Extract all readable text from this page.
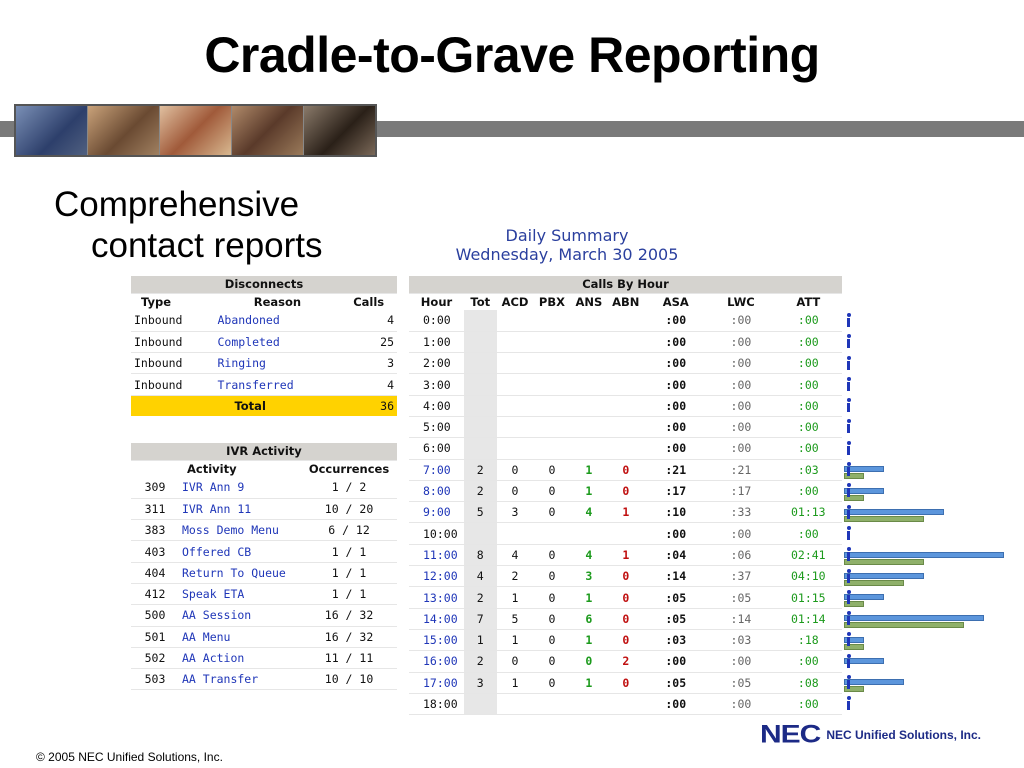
Cradle-to-Grave Reporting
Comprehensive
contact reports	Daily Summary
Wednesday, March 30 2005
Disconnects		
Type	Reason	Calls
Inbound	Abandoned	4
Inbound	Completed	25
Inbound	Ringing	3
Inbound	Transferred	4
	Total	36
IVR Activity		
	Activity	Occurrences
309	IVR Ann 9	1 / 2
311	IVR Ann 11	10 / 20
383	Moss Demo Menu	6 / 12
403	Offered CB	1 / 1
404	Return To Queue	1 / 1
412	Speak ETA	1 / 1
500	AA Session	16 / 32
501	AA Menu	16 / 32
502	AA Action	11 / 11
503	AA Transfer	10 / 10
Calls By Hour								
Hour	Tot	ACD	PBX	ANS	ABN	ASA	LWC	ATT
0:00						:00	:00	:00
1:00						:00	:00	:00
2:00						:00	:00	:00
3:00						:00	:00	:00
4:00						:00	:00	:00
5:00						:00	:00	:00
6:00						:00	:00	:00
7:00	2	0	0	1	0	:21	:21	:03
8:00	2	0	0	1	0	:17	:17	:00
9:00	5	3	0	4	1	:10	:33	01:13
10:00						:00	:00	:00
11:00	8	4	0	4	1	:04	:06	02:41
12:00	4	2	0	3	0	:14	:37	04:10
13:00	2	1	0	1	0	:05	:05	01:15
14:00	7	5	0	6	0	:05	:14	01:14
15:00	1	1	0	1	0	:03	:03	:18
16:00	2	0	0	0	2	:00	:00	:00
17:00	3	1	0	1	0	:05	:05	:08
18:00						:00	:00	:00
NEC NEC Unified Solutions, Inc.
© 2005 NEC Unified Solutions, Inc.
